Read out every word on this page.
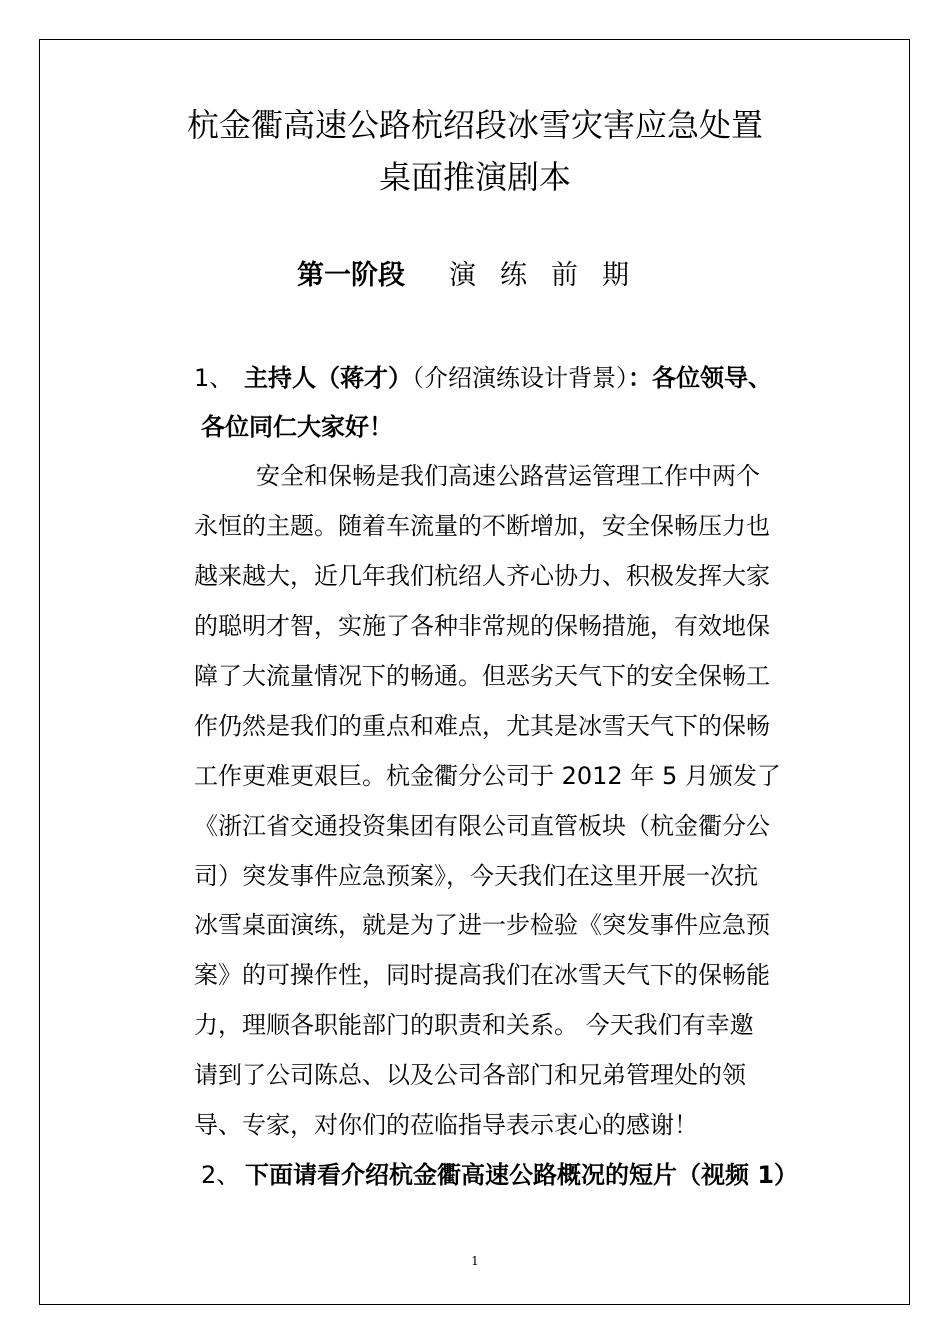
杭金衢高速公路杭绍段冰雪灾害应急处置
桌面推演剧本
第一阶段 演练前期
1、 主持人（蒋才）（介绍演练设计背景）：各位领导、
各位同仁大家好！
安全和保畅是我们高速公路营运管理工作中两个
永恒的主题。随着车流量的不断增加，安全保畅压力也
越来越大，近几年我们杭绍人齐心协力、积极发挥大家
的聪明才智，实施了各种非常规的保畅措施，有效地保
障了大流量情况下的畅通。但恶劣天气下的安全保畅工
作仍然是我们的重点和难点，尤其是冰雪天气下的保畅
工作更难更艰巨。杭金衢分公司于 2012 年 5 月颁发了
《浙江省交通投资集团有限公司直管板块（杭金衢分公
司）突发事件应急预案》，今天我们在这里开展一次抗
冰雪桌面演练，就是为了进一步检验《突发事件应急预
案》的可操作性，同时提高我们在冰雪天气下的保畅能
力，理顺各职能部门的职责和关系。 今天我们有幸邀
请到了公司陈总、以及公司各部门和兄弟管理处的领
导、专家，对你们的莅临指导表示衷心的感谢！
2、 下面请看介绍杭金衢高速公路概况的短片（视频 1）
1
